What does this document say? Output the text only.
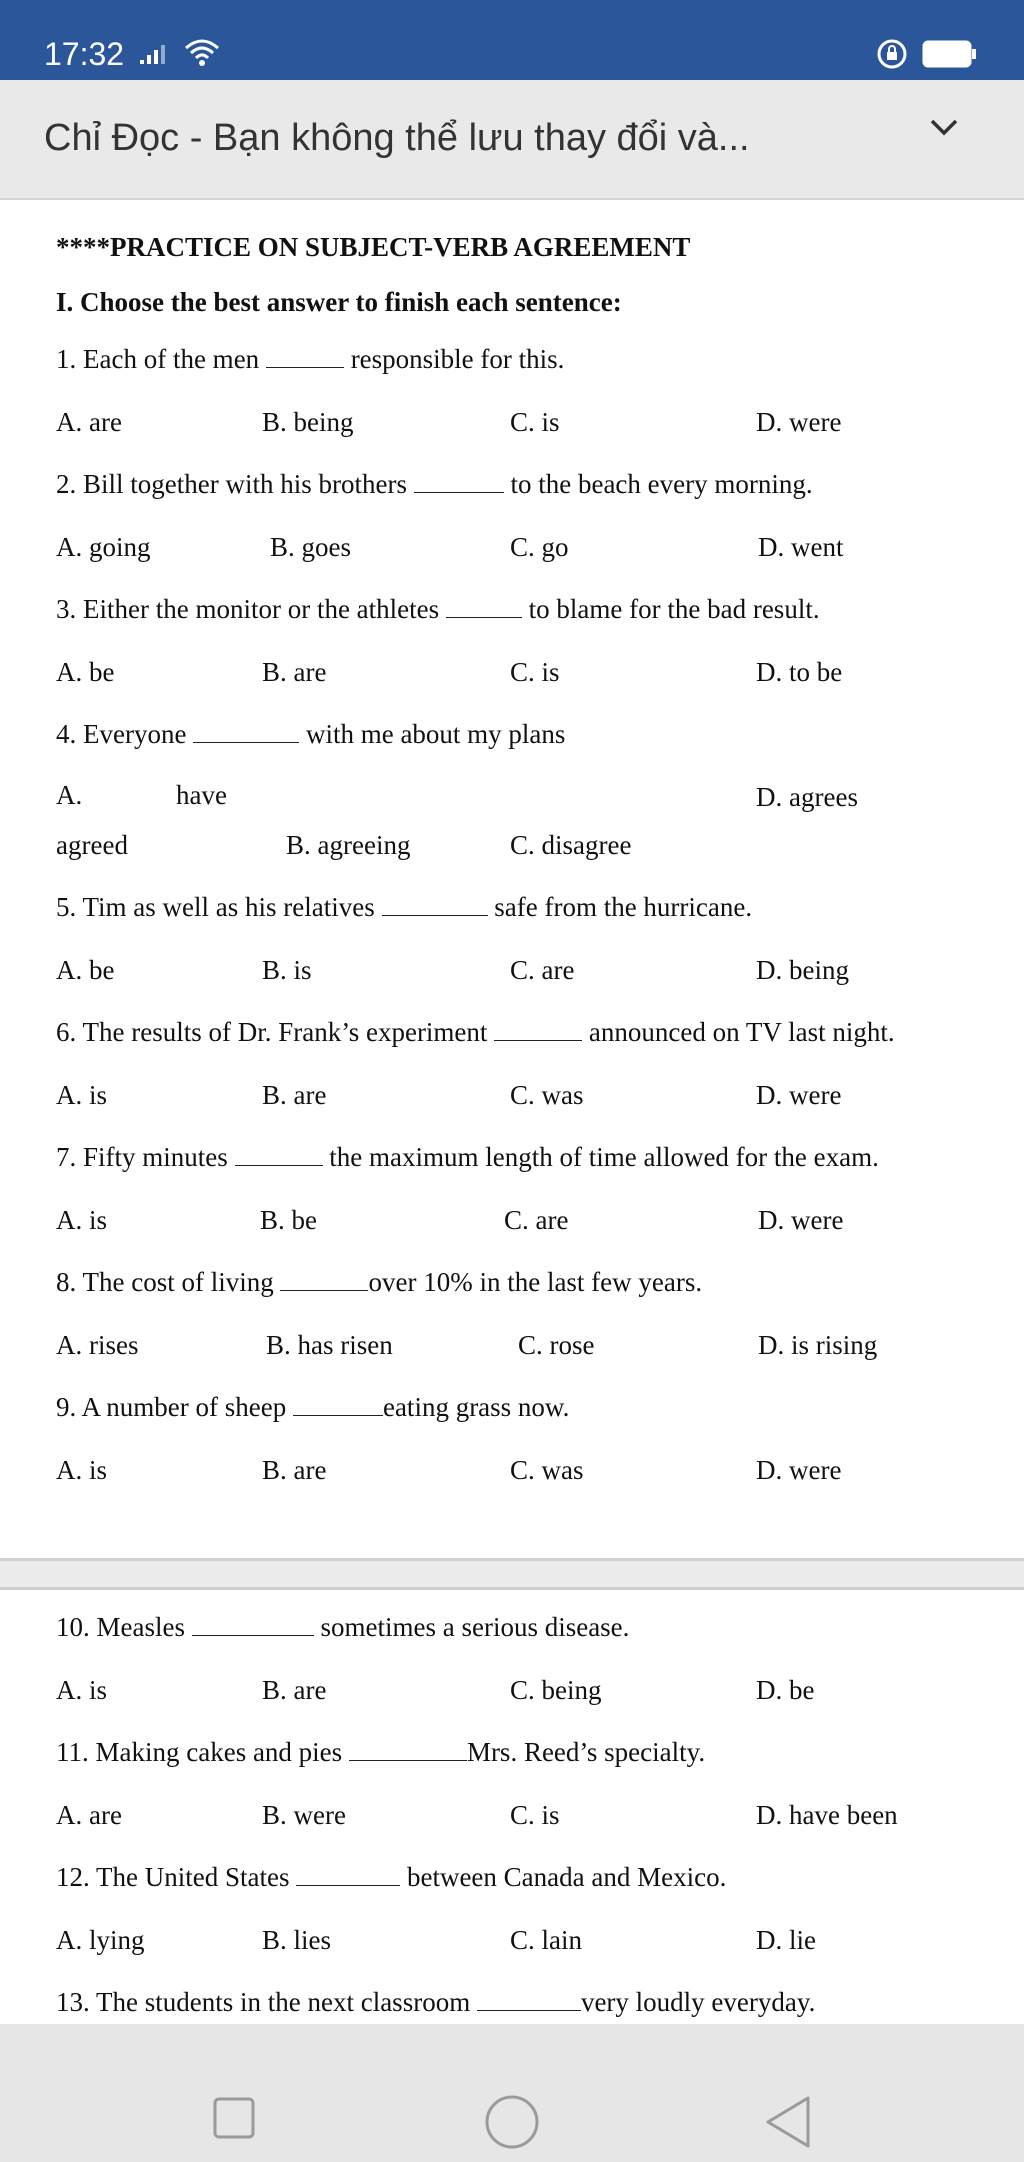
17:32
Chỉ Đọc - Bạn không thể lưu thay đổi và...
****PRACTICE ON SUBJECT-VERB AGREEMENT
I. Choose the best answer to finish each sentence:
1. Each of the men	responsible for this.
A. are	B. being	C. is	D. were
2. Bill together with his brothers	to the beach every morning.
A. going	B. goes	C. go	D. went
3. Either the monitor or the athletes	to blame for the bad result.
A. be	B. are	C. is	D. to be
4. Everyone	with me about my plans
A.	have	D. agrees
agreed	B. agreeing	C. disagree
5. Tim as well as his relatives	safe from the hurricane.
A. be	B. is	C. are	D. being
6. The results of Dr. Frank’s experiment	announced on TV last night.
A. is	B. are	C. was	D. were
7. Fifty minutes	the maximum length of time allowed for the exam.
A. is	B. be	C. are	D. were
8. The cost of living	over 10% in the last few years.
A. rises	B. has risen	C. rose	D. is rising
9. A number of sheep	eating grass now.
A. is	B. are	C. was	D. were
10. Measles	sometimes a serious disease.
A. is	B. are	C. being	D. be
11. Making cakes and pies	Mrs. Reed’s specialty.
A. are	B. were	C. is	D. have been
12. The United States	between Canada and Mexico.
A. lying	B. lies	C. lain	D. lie
13. The students in the next classroom	very loudly everyday.
